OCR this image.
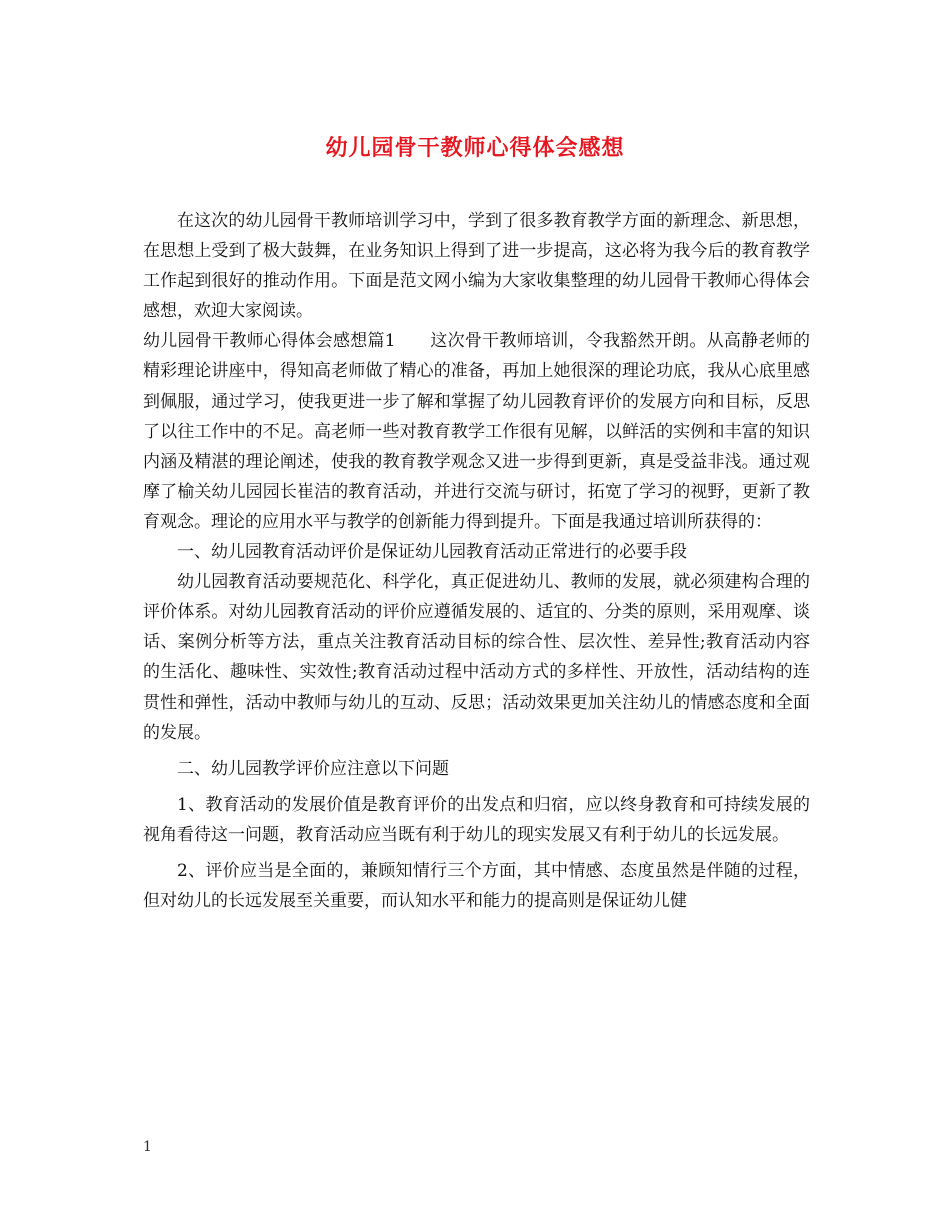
幼儿园骨干教师心得体会感想

在这次的幼儿园骨干教师培训学习中，学到了很多教育教学方面的新理念、新思想，在思想上受到了极大鼓舞，在业务知识上得到了进一步提高，这必将为我今后的教育教学工作起到很好的推动作用。下面是范文网小编为大家收集整理的幼儿园骨干教师心得体会感想，欢迎大家阅读。

幼儿园骨干教师心得体会感想篇1　　这次骨干教师培训，令我豁然开朗。从高静老师的精彩理论讲座中，得知高老师做了精心的准备，再加上她很深的理论功底，我从心底里感到佩服，通过学习，使我更进一步了解和掌握了幼儿园教育评价的发展方向和目标，反思了以往工作中的不足。高老师一些对教育教学工作很有见解，以鲜活的实例和丰富的知识内涵及精湛的理论阐述，使我的教育教学观念又进一步得到更新，真是受益非浅。通过观摩了榆关幼儿园园长崔洁的教育活动，并进行交流与研讨，拓宽了学习的视野，更新了教育观念。理论的应用水平与教学的创新能力得到提升。下面是我通过培训所获得的：

一、幼儿园教育活动评价是保证幼儿园教育活动正常进行的必要手段

幼儿园教育活动要规范化、科学化，真正促进幼儿、教师的发展，就必须建构合理的评价体系。对幼儿园教育活动的评价应遵循发展的、适宜的、分类的原则，采用观摩、谈话、案例分析等方法，重点关注教育活动目标的综合性、层次性、差异性;教育活动内容的生活化、趣味性、实效性;教育活动过程中活动方式的多样性、开放性，活动结构的连贯性和弹性，活动中教师与幼儿的互动、反思；活动效果更加关注幼儿的情感态度和全面的发展。

二、幼儿园教学评价应注意以下问题

1、教育活动的发展价值是教育评价的出发点和归宿，应以终身教育和可持续发展的视角看待这一问题，教育活动应当既有利于幼儿的现实发展又有利于幼儿的长远发展。

2、评价应当是全面的，兼顾知情行三个方面，其中情感、态度虽然是伴随的过程，但对幼儿的长远发展至关重要，而认知水平和能力的提高则是保证幼儿健

1
